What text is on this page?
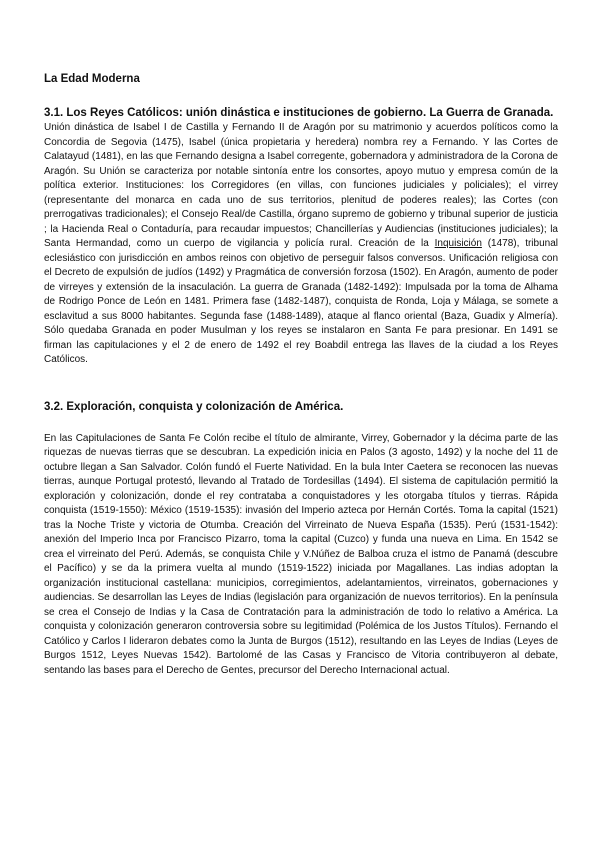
La Edad Moderna
3.1. Los Reyes Católicos: unión dinástica e instituciones de gobierno. La Guerra de Granada.

Unión dinástica de Isabel I de Castilla y Fernando II de Aragón por su matrimonio y acuerdos políticos como la Concordia de Segovia (1475), Isabel (única propietaria y heredera) nombra rey a Fernando. Y las Cortes de Calatayud (1481), en las que Fernando designa a Isabel corregente, gobernadora y administradora de la Corona de Aragón. Su Unión se caracteriza por notable sintonía entre los consortes, apoyo mutuo y empresa común de la política exterior. Instituciones: los Corregidores (en villas, con funciones judiciales y policiales); el virrey (representante del monarca en cada uno de sus territorios, plenitud de poderes reales); las Cortes (con prerrogativas tradicionales); el Consejo Real/de Castilla, órgano supremo de gobierno y tribunal superior de justicia ; la Hacienda Real o Contaduría, para recaudar impuestos; Chancillerías y Audiencias (instituciones judiciales); la Santa Hermandad, como un cuerpo de vigilancia y policía rural. Creación de la Inquisición (1478), tribunal eclesiástico con jurisdicción en ambos reinos con objetivo de perseguir falsos conversos. Unificación religiosa con el Decreto de expulsión de judíos (1492) y Pragmática de conversión forzosa (1502). En Aragón, aumento de poder de virreyes y extensión de la insaculación. La guerra de Granada (1482-1492): Impulsada por la toma de Alhama de Rodrigo Ponce de León en 1481. Primera fase (1482-1487), conquista de Ronda, Loja y Málaga, se somete a esclavitud a sus 8000 habitantes. Segunda fase (1488-1489), ataque al flanco oriental (Baza, Guadix y Almería). Sólo quedaba Granada en poder Musulman y los reyes se instalaron en Santa Fe para presionar. En 1491 se firman las capitulaciones y el 2 de enero de 1492 el rey Boabdil entrega las llaves de la ciudad a los Reyes Católicos.

3.2. Exploración, conquista y colonización de América.

En las Capitulaciones de Santa Fe Colón recibe el título de almirante, Virrey, Gobernador y la décima parte de las riquezas de nuevas tierras que se descubran. La expedición inicia en Palos (3 agosto, 1492) y la noche del 11 de octubre llegan a San Salvador. Colón fundó el Fuerte Natividad. En la bula Inter Caetera se reconocen las nuevas tierras, aunque Portugal protestó, llevando al Tratado de Tordesillas (1494). El sistema de capitulación permitió la exploración y colonización, donde el rey contrataba a conquistadores y les otorgaba títulos y tierras. Rápida conquista (1519-1550): México (1519-1535): invasión del Imperio azteca por Hernán Cortés. Toma la capital (1521) tras la Noche Triste y victoria de Otumba. Creación del Virreinato de Nueva España (1535). Perú (1531-1542): anexión del Imperio Inca por Francisco Pizarro, toma la capital (Cuzco) y funda una nueva en Lima. En 1542 se crea el virreinato del Perú. Además, se conquista Chile y V.Núñez de Balboa cruza el istmo de Panamá (descubre el Pacífico) y se da la primera vuelta al mundo (1519-1522) iniciada por Magallanes. Las indias adoptan la organización institucional castellana: municipios, corregimientos, adelantamientos, virreinatos, gobernaciones y audiencias. Se desarrollan las Leyes de Indias (legislación para organización de nuevos territorios). En la península se crea el Consejo de Indias y la Casa de Contratación para la administración de todo lo relativo a América. La conquista y colonización generaron controversia sobre su legitimidad (Polémica de los Justos Títulos). Fernando el Católico y Carlos I lideraron debates como la Junta de Burgos (1512), resultando en las Leyes de Indias (Leyes de Burgos 1512, Leyes Nuevas 1542). Bartolomé de las Casas y Francisco de Vitoria contribuyeron al debate, sentando las bases para el Derecho de Gentes, precursor del Derecho Internacional actual.
